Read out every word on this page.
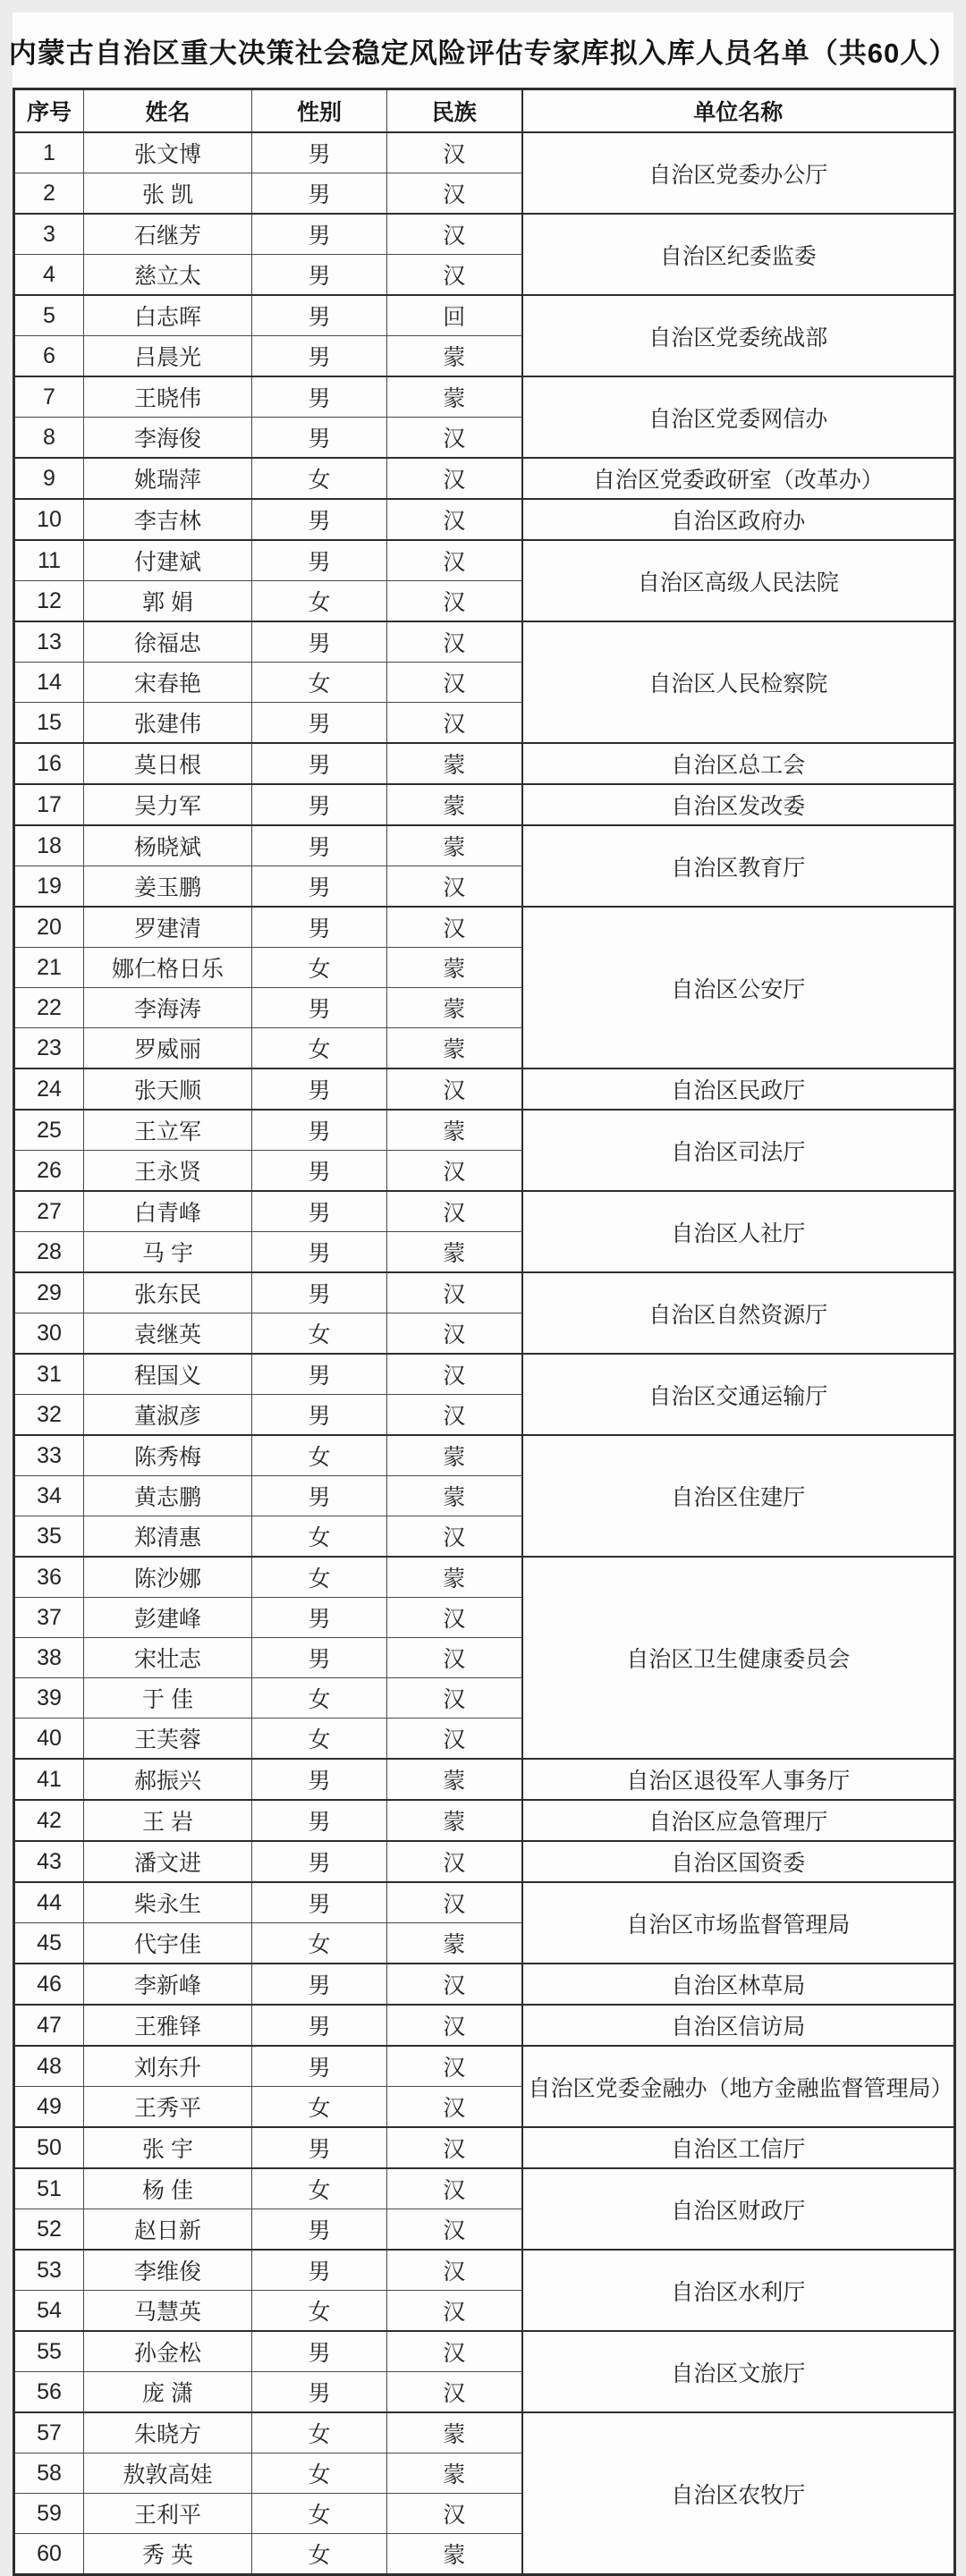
内蒙古自治区重大决策社会稳定风险评估专家库拟入库人员名单（共60人）
序号	姓名	性别	民族	单位名称
1	张文博	男	汉	自治区党委办公厅
2	张 凯	男	汉	
3	石继芳	男	汉	自治区纪委监委
4	慈立太	男	汉	
5	白志晖	男	回	自治区党委统战部
6	吕晨光	男	蒙	
7	王晓伟	男	蒙	自治区党委网信办
8	李海俊	男	汉	
9	姚瑞萍	女	汉	自治区党委政研室（改革办）
10	李吉林	男	汉	自治区政府办
11	付建斌	男	汉	自治区高级人民法院
12	郭 娟	女	汉	
13	徐福忠	男	汉	自治区人民检察院
14	宋春艳	女	汉	
15	张建伟	男	汉	
16	莫日根	男	蒙	自治区总工会
17	吴力军	男	蒙	自治区发改委
18	杨晓斌	男	蒙	自治区教育厅
19	姜玉鹏	男	汉	
20	罗建清	男	汉	自治区公安厅
21	娜仁格日乐	女	蒙	
22	李海涛	男	蒙	
23	罗威丽	女	蒙	
24	张天顺	男	汉	自治区民政厅
25	王立军	男	蒙	自治区司法厅
26	王永贤	男	汉	
27	白青峰	男	汉	自治区人社厅
28	马 宇	男	蒙	
29	张东民	男	汉	自治区自然资源厅
30	袁继英	女	汉	
31	程国义	男	汉	自治区交通运输厅
32	董淑彦	男	汉	
33	陈秀梅	女	蒙	自治区住建厅
34	黄志鹏	男	蒙	
35	郑清惠	女	汉	
36	陈沙娜	女	蒙	自治区卫生健康委员会
37	彭建峰	男	汉	
38	宋壮志	男	汉	
39	于 佳	女	汉	
40	王芙蓉	女	汉	
41	郝振兴	男	蒙	自治区退役军人事务厅
42	王 岩	男	蒙	自治区应急管理厅
43	潘文进	男	汉	自治区国资委
44	柴永生	男	汉	自治区市场监督管理局
45	代宇佳	女	蒙	
46	李新峰	男	汉	自治区林草局
47	王雅铎	男	汉	自治区信访局
48	刘东升	男	汉	自治区党委金融办（地方金融监督管理局）
49	王秀平	女	汉	
50	张 宇	男	汉	自治区工信厅
51	杨 佳	女	汉	自治区财政厅
52	赵日新	男	汉	
53	李维俊	男	汉	自治区水利厅
54	马慧英	女	汉	
55	孙金松	男	汉	自治区文旅厅
56	庞 潇	男	汉	
57	朱晓方	女	蒙	自治区农牧厅
58	敖敦高娃	女	蒙	
59	王利平	女	汉	
60	秀 英	女	蒙	
